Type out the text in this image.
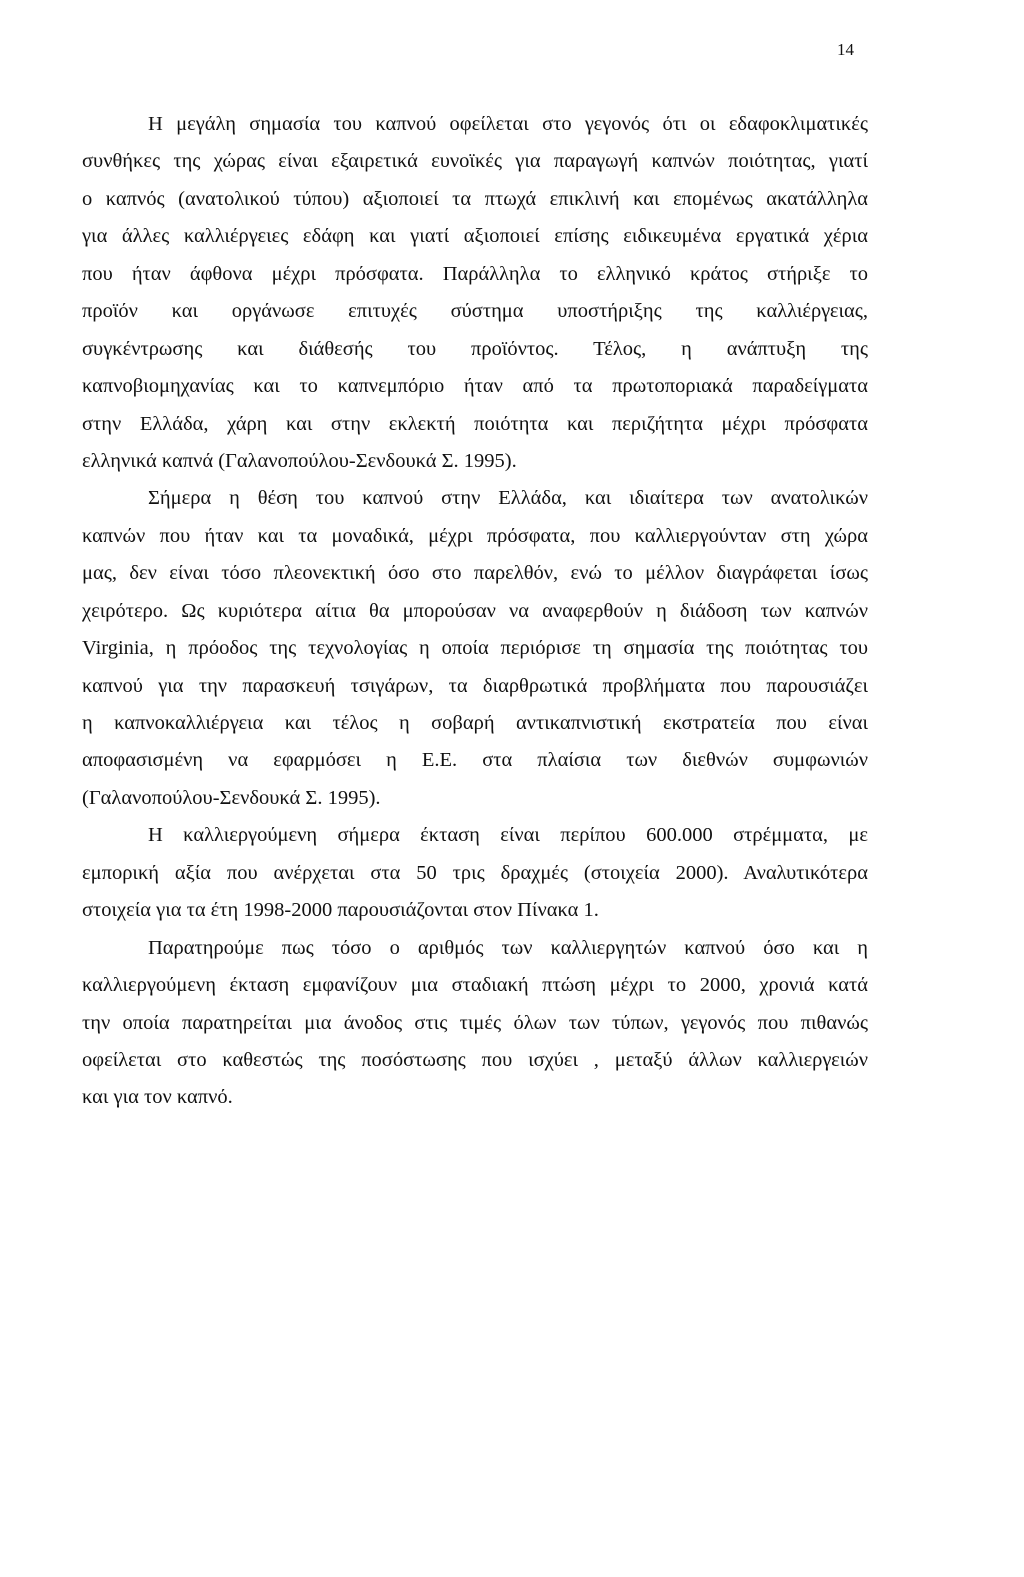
14
Η μεγάλη σημασία του καπνού οφείλεται στο γεγονός ότι οι εδαφοκλιματικές
συνθήκες της χώρας είναι εξαιρετικά ευνοϊκές για παραγωγή καπνών ποιότητας, γιατί
ο καπνός (ανατολικού τύπου) αξιοποιεί τα πτωχά επικλινή και επομένως ακατάλληλα
για άλλες καλλιέργειες εδάφη και γιατί αξιοποιεί επίσης ειδικευμένα εργατικά χέρια
που ήταν άφθονα μέχρι πρόσφατα. Παράλληλα το ελληνικό κράτος στήριξε το
προϊόν και οργάνωσε επιτυχές σύστημα υποστήριξης της καλλιέργειας,
συγκέντρωσης και διάθεσής του προϊόντος. Τέλος, η ανάπτυξη της
καπνοβιομηχανίας και το καπνεμπόριο ήταν από τα πρωτοποριακά παραδείγματα
στην Ελλάδα, χάρη και στην εκλεκτή ποιότητα και περιζήτητα μέχρι πρόσφατα
ελληνικά καπνά (Γαλανοπούλου-Σενδουκά Σ. 1995).
Σήμερα η θέση του καπνού στην Ελλάδα, και ιδιαίτερα των ανατολικών
καπνών που ήταν και τα μοναδικά, μέχρι πρόσφατα, που καλλιεργούνταν στη χώρα
μας, δεν είναι τόσο πλεονεκτική όσο στο παρελθόν, ενώ το μέλλον διαγράφεται ίσως
χειρότερο. Ως κυριότερα αίτια θα μπορούσαν να αναφερθούν η διάδοση των καπνών
Virginia, η πρόοδος της τεχνολογίας η οποία περιόρισε τη σημασία της ποιότητας του
καπνού για την παρασκευή τσιγάρων, τα διαρθρωτικά προβλήματα που παρουσιάζει
η καπνοκαλλιέργεια και τέλος η σοβαρή αντικαπνιστική εκστρατεία που είναι
αποφασισμένη να εφαρμόσει η Ε.Ε. στα πλαίσια των διεθνών συμφωνιών
(Γαλανοπούλου-Σενδουκά Σ. 1995).
Η καλλιεργούμενη σήμερα έκταση είναι περίπου 600.000 στρέμματα, με
εμπορική αξία που ανέρχεται στα 50 τρις δραχμές (στοιχεία 2000). Αναλυτικότερα
στοιχεία για τα έτη 1998-2000 παρουσιάζονται στον Πίνακα 1.
Παρατηρούμε πως τόσο ο αριθμός των καλλιεργητών καπνού όσο και η
καλλιεργούμενη έκταση εμφανίζουν μια σταδιακή πτώση μέχρι το 2000, χρονιά κατά
την οποία παρατηρείται μια άνοδος στις τιμές όλων των τύπων, γεγονός που πιθανώς
οφείλεται στο καθεστώς της ποσόστωσης που ισχύει , μεταξύ άλλων καλλιεργειών
και για τον καπνό.
